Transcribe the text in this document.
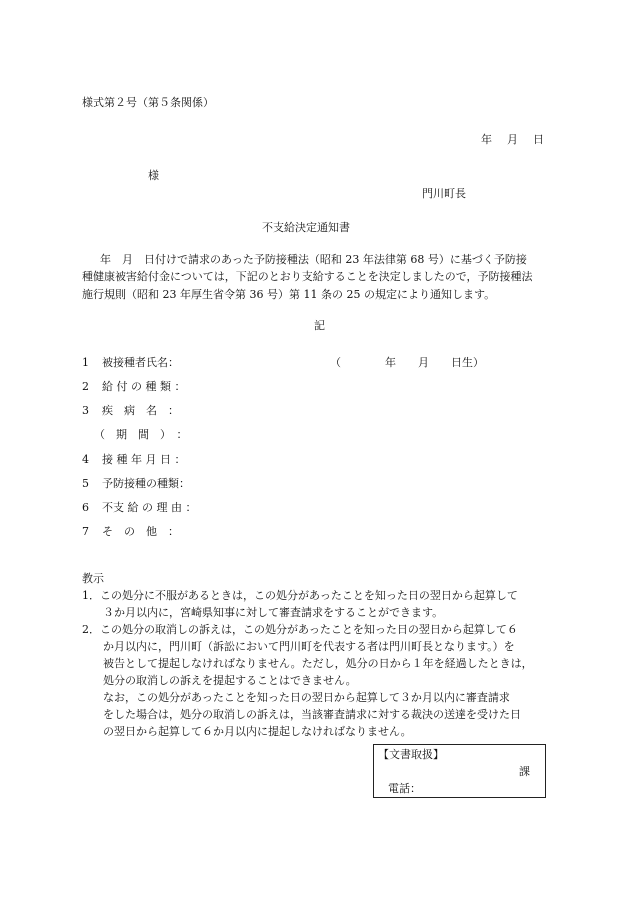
様式第２号（第５条関係）
年　月　日
様
門川町長
不支給決定通知書
年　月　日付けで請求のあった予防接種法（昭和 23 年法律第 68 号）に基づく予防接
種健康被害給付金については，下記のとおり支給することを決定しましたので，予防接種法
施行規則（昭和 23 年厚生省令第 36 号）第 11 条の 25 の規定により通知します。
記
1 被接種者氏名：	（　　　　年　　月　　日生）
2 給 付 の 種 類 ：
3 疾　病　名　：
（　期　間　）　：
4 接 種 年 月 日 ：
5 予防接種の種類：
6 不支 給 の 理 由 ：
7 そ　の　他　：
教示
1．この処分に不服があるときは，この処分があったことを知った日の翌日から起算して
３か月以内に，宮崎県知事に対して審査請求をすることができます。
2．この処分の取消しの訴えは，この処分があったことを知った日の翌日から起算して６
か月以内に，門川町（訴訟において門川町を代表する者は門川町長となります。）を
被告として提起しなければなりません。ただし，処分の日から１年を経過したときは，
処分の取消しの訴えを提起することはできません。
なお，この処分があったことを知った日の翌日から起算して３か月以内に審査請求
をした場合は，処分の取消しの訴えは，当該審査請求に対する裁決の送達を受けた日
の翌日から起算して６か月以内に提起しなければなりません。
【文書取扱】
課
電話：
